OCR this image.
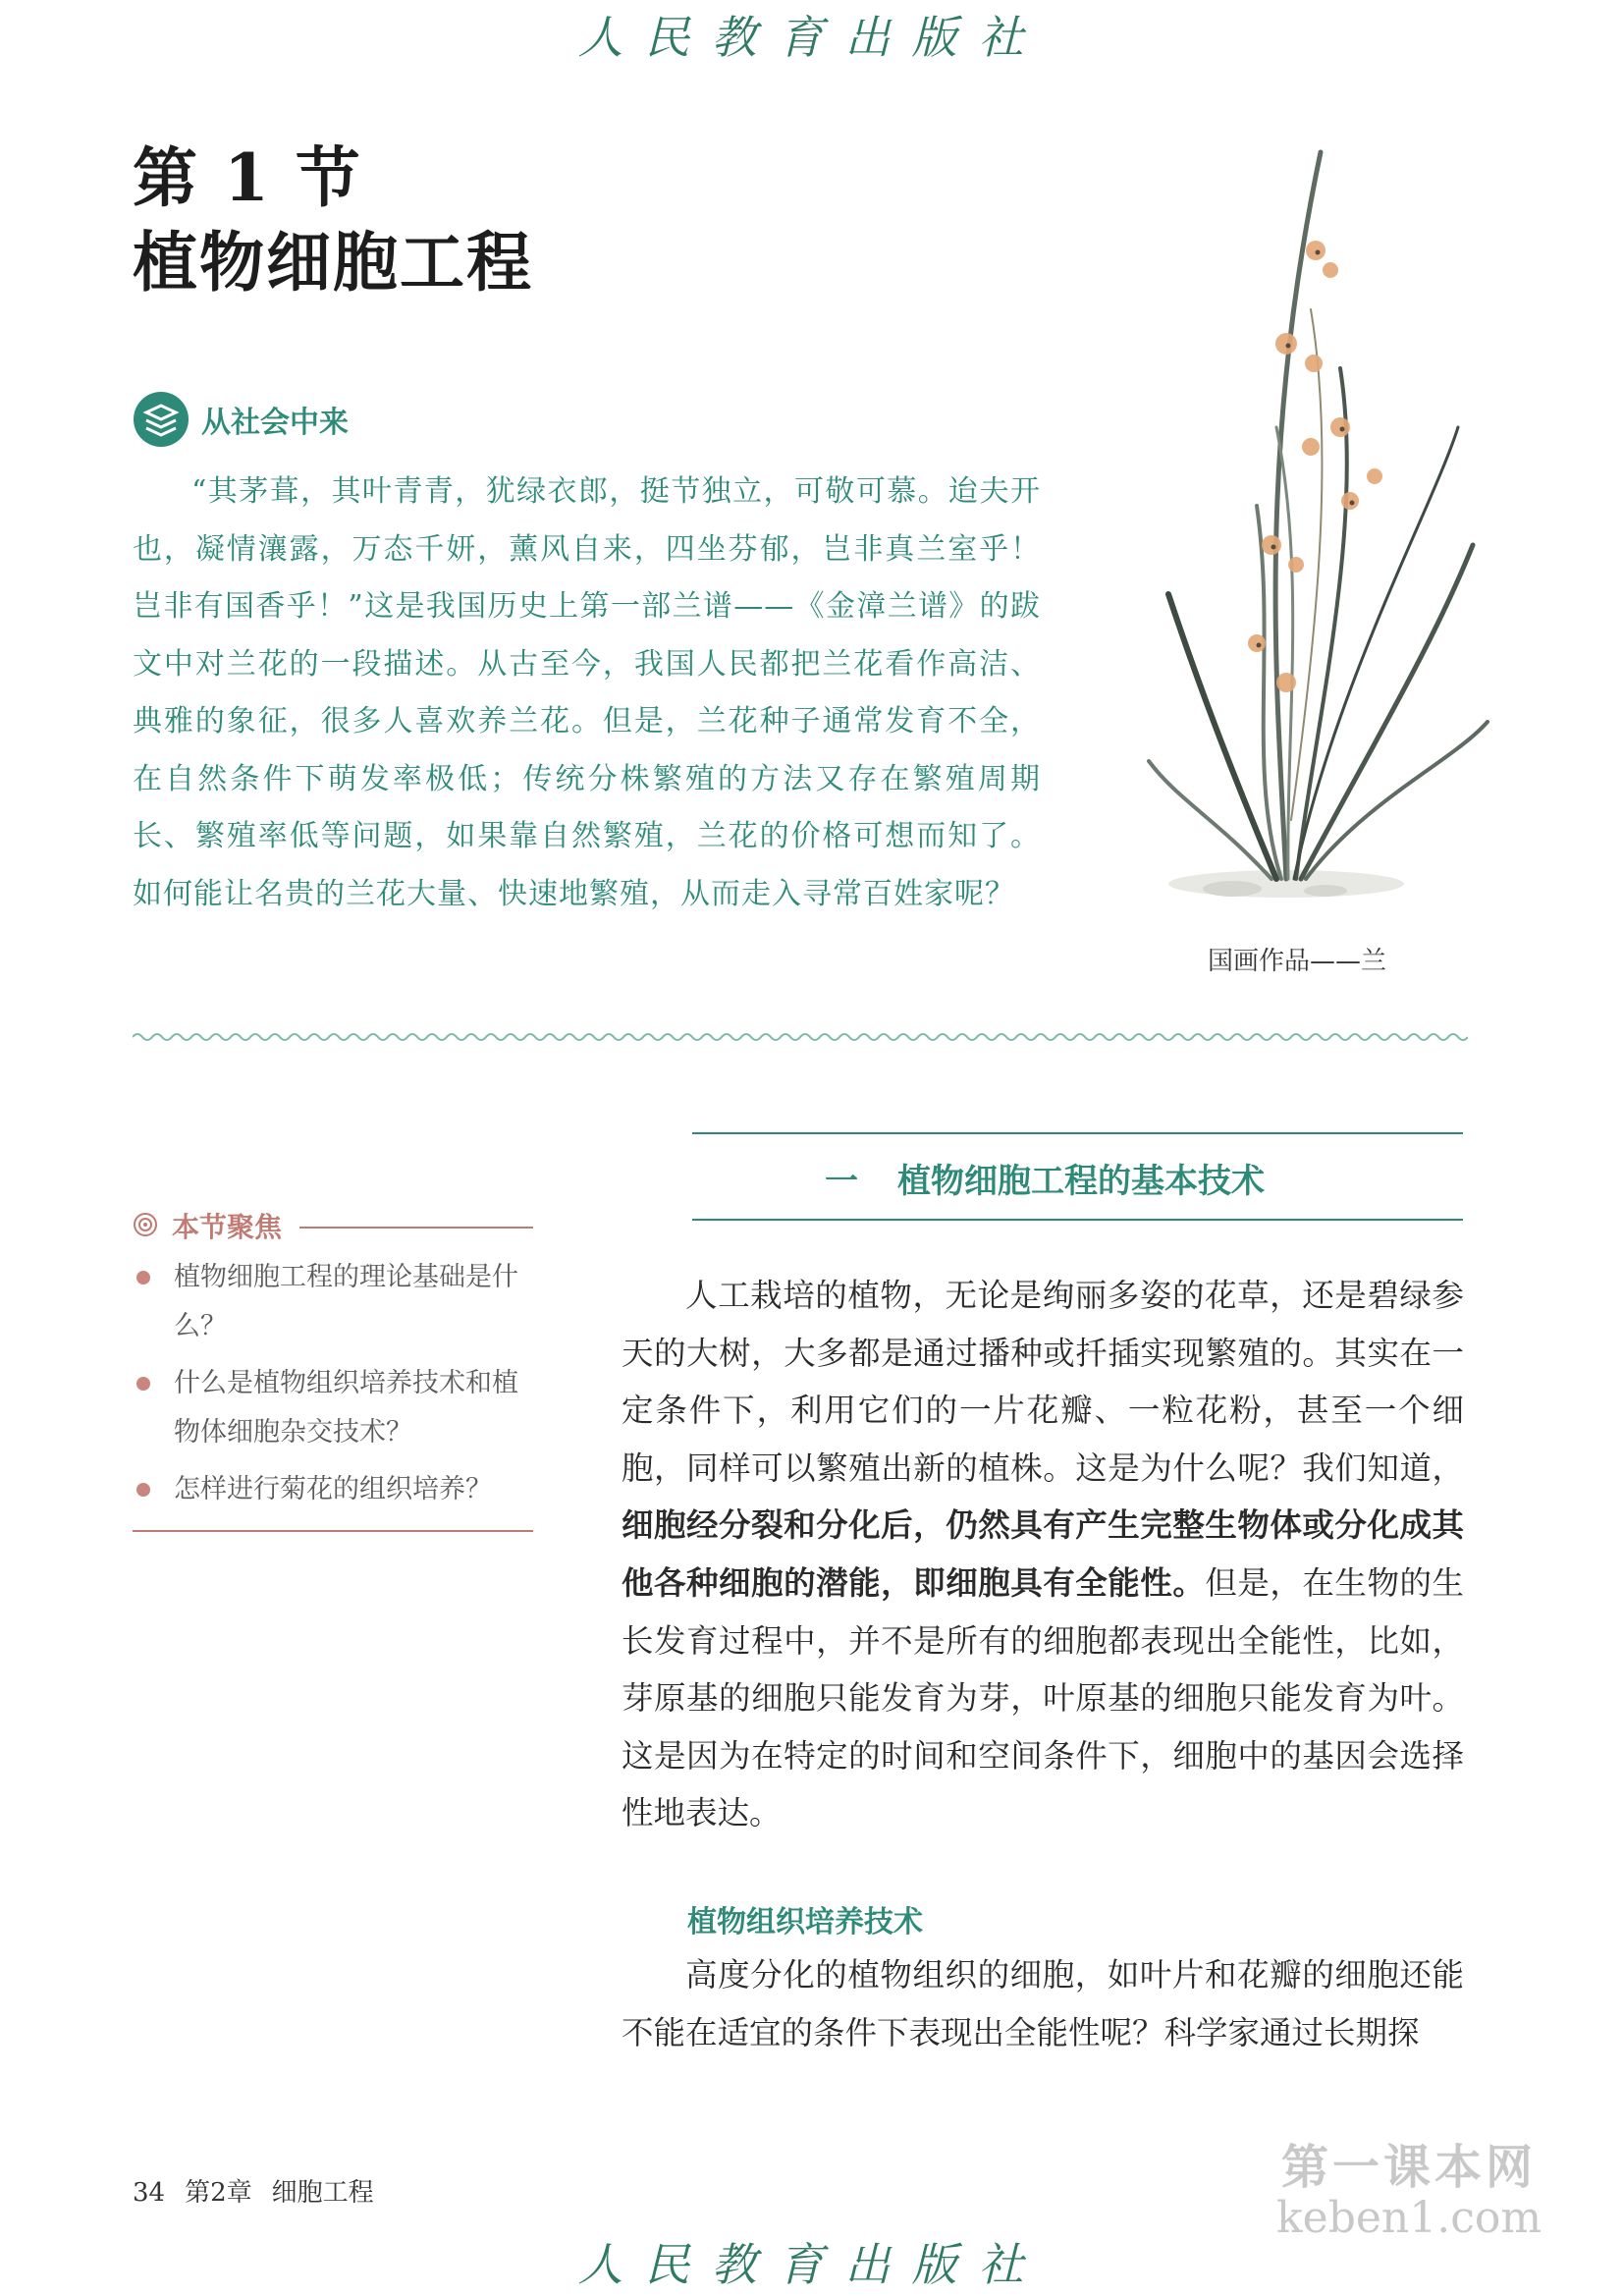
人民教育出版社
第 1 节
植物细胞工程
从社会中来
“其茅葺，其叶青青，犹绿衣郎，挺节独立，可敬可慕。迨夫开也，凝情瀼露，万态千妍，薰风自来，四坐芬郁，岂非真兰室乎！岂非有国香乎！”这是我国历史上第一部兰谱——《金漳兰谱》的跋文中对兰花的一段描述。从古至今，我国人民都把兰花看作高洁、典雅的象征，很多人喜欢养兰花。但是，兰花种子通常发育不全，在自然条件下萌发率极低；传统分株繁殖的方法又存在繁殖周期长、繁殖率低等问题，如果靠自然繁殖，兰花的价格可想而知了。如何能让名贵的兰花大量、快速地繁殖，从而走入寻常百姓家呢？
国画作品——兰
本节聚焦
植物细胞工程的理论基础是什么？
什么是植物组织培养技术和植物体细胞杂交技术？
怎样进行菊花的组织培养？
一 植物细胞工程的基本技术
人工栽培的植物，无论是绚丽多姿的花草，还是碧绿参天的大树，大多都是通过播种或扦插实现繁殖的。其实在一定条件下，利用它们的一片花瓣、一粒花粉，甚至一个细胞，同样可以繁殖出新的植株。这是为什么呢？我们知道，细胞经分裂和分化后，仍然具有产生完整生物体或分化成其他各种细胞的潜能，即细胞具有全能性。但是，在生物的生长发育过程中，并不是所有的细胞都表现出全能性，比如，芽原基的细胞只能发育为芽，叶原基的细胞只能发育为叶。这是因为在特定的时间和空间条件下，细胞中的基因会选择性地表达。
植物组织培养技术
高度分化的植物组织的细胞，如叶片和花瓣的细胞还能不能在适宜的条件下表现出全能性呢？科学家通过长期探
34 第2章 细胞工程	第一课本网
keben1.com
人民教育出版社
